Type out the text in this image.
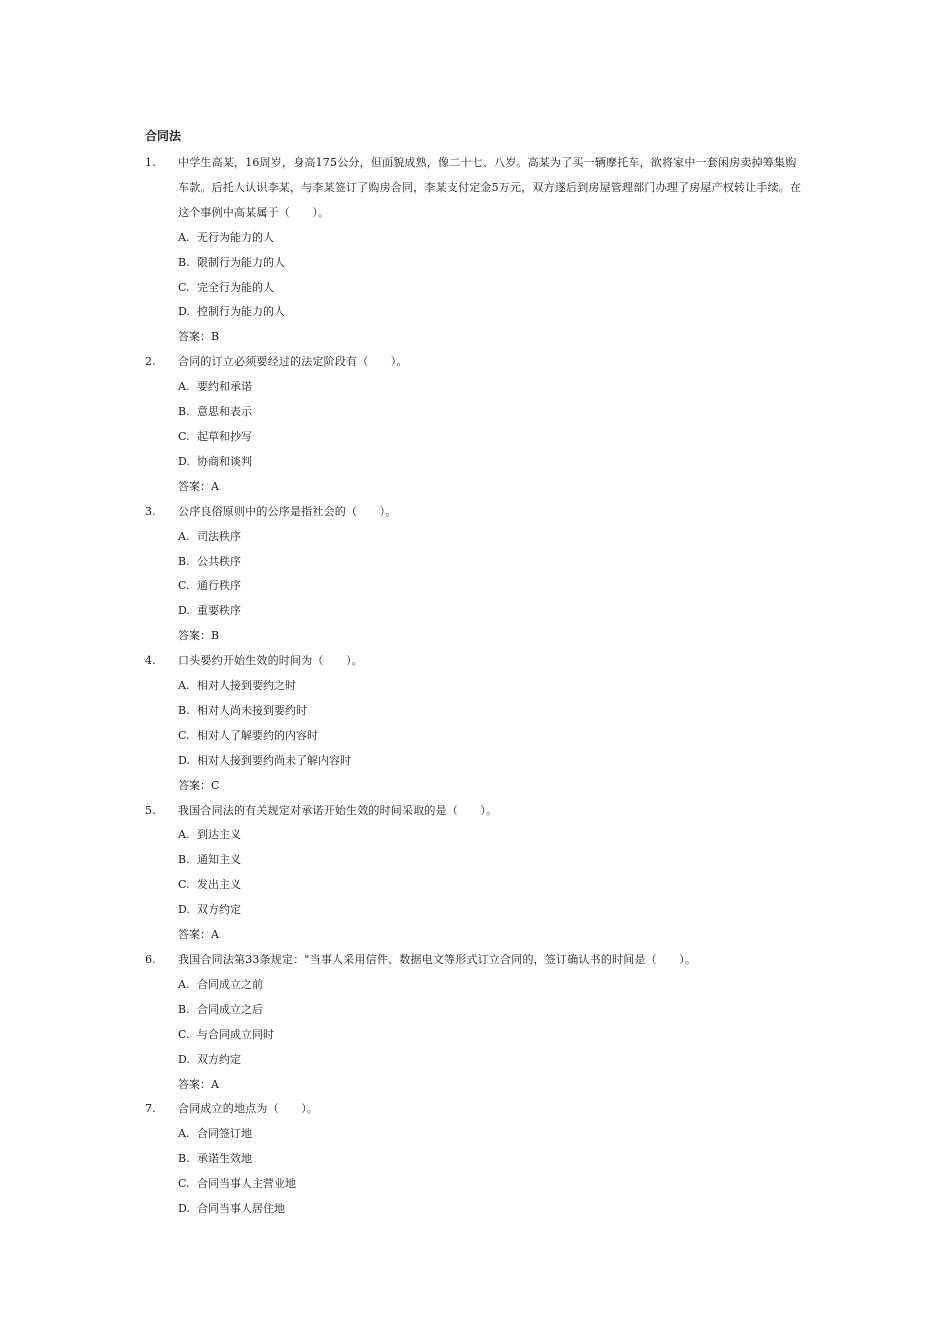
合同法
1. 中学生高某，16周岁，身高175公分，但面貌成熟，像二十七、八岁。高某为了买一辆摩托车，欲将家中一套闲房卖掉筹集购车款。后托人认识李某，与李某签订了购房合同，李某支付定金5万元，双方遂后到房屋管理部门办理了房屋产权转让手续。在这个事例中高某属于（　　）。
A. 无行为能力的人
B. 限制行为能力的人
C. 完全行为能的人
D. 控制行为能力的人
答案：B
2. 合同的订立必须要经过的法定阶段有（　　）。
A. 要约和承诺
B. 意思和表示
C. 起草和抄写
D. 协商和谈判
答案：A
3. 公序良俗原则中的公序是指社会的（　　）。
A. 司法秩序
B. 公共秩序
C. 通行秩序
D. 重要秩序
答案：B
4. 口头要约开始生效的时间为（　　）。
A. 相对人接到要约之时
B. 相对人尚未接到要约时
C. 相对人了解要约的内容时
D. 相对人接到要约尚未了解内容时
答案：C
5. 我国合同法的有关规定对承诺开始生效的时间采取的是（　　）。
A. 到达主义
B. 通知主义
C. 发出主义
D. 双方约定
答案：A
6. 我国合同法第33条规定："当事人采用信件、数据电文等形式订立合同的，签订确认书的时间是（　　）。
A. 合同成立之前
B. 合同成立之后
C. 与合同成立同时
D. 双方约定
答案：A
7. 合同成立的地点为（　　）。
A. 合同签订地
B. 承诺生效地
C. 合同当事人主营业地
D. 合同当事人居住地
